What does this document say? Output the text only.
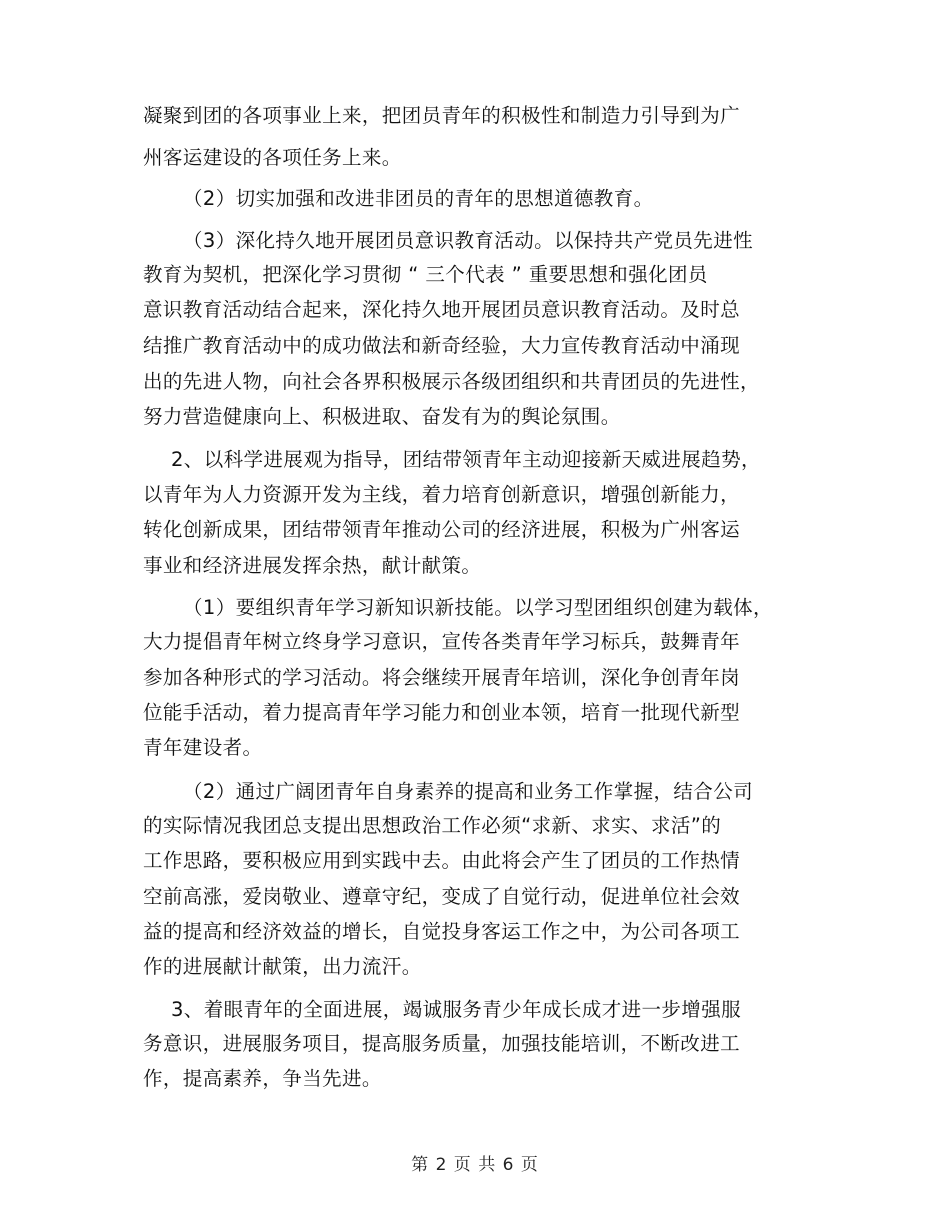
凝聚到团的各项事业上来，把团员青年的积极性和制造力引导到为广
州客运建设的各项任务上来。
（2）切实加强和改进非团员的青年的思想道德教育。
（3）深化持久地开展团员意识教育活动。以保持共产党员先进性
教育为契机，把深化学习贯彻 “ 三个代表 ” 重要思想和强化团员
意识教育活动结合起来，深化持久地开展团员意识教育活动。及时总
结推广教育活动中的成功做法和新奇经验，大力宣传教育活动中涌现
出的先进人物，向社会各界积极展示各级团组织和共青团员的先进性，
努力营造健康向上、积极进取、奋发有为的舆论氛围。
2、以科学进展观为指导，团结带领青年主动迎接新天威进展趋势，
以青年为人力资源开发为主线，着力培育创新意识，增强创新能力，
转化创新成果，团结带领青年推动公司的经济进展，积极为广州客运
事业和经济进展发挥余热，献计献策。
（1）要组织青年学习新知识新技能。以学习型团组织创建为载体，
大力提倡青年树立终身学习意识，宣传各类青年学习标兵，鼓舞青年
参加各种形式的学习活动。将会继续开展青年培训，深化争创青年岗
位能手活动，着力提高青年学习能力和创业本领，培育一批现代新型
青年建设者。
（2）通过广阔团青年自身素养的提高和业务工作掌握，结合公司
的实际情况我团总支提出思想政治工作必须“求新、求实、求活”的
工作思路，要积极应用到实践中去。由此将会产生了团员的工作热情
空前高涨，爱岗敬业、遵章守纪，变成了自觉行动，促进单位社会效
益的提高和经济效益的增长，自觉投身客运工作之中，为公司各项工
作的进展献计献策，出力流汗。
3、着眼青年的全面进展，竭诚服务青少年成长成才进一步增强服
务意识，进展服务项目，提高服务质量，加强技能培训，不断改进工
作，提高素养，争当先进。
第 2 页 共 6 页
